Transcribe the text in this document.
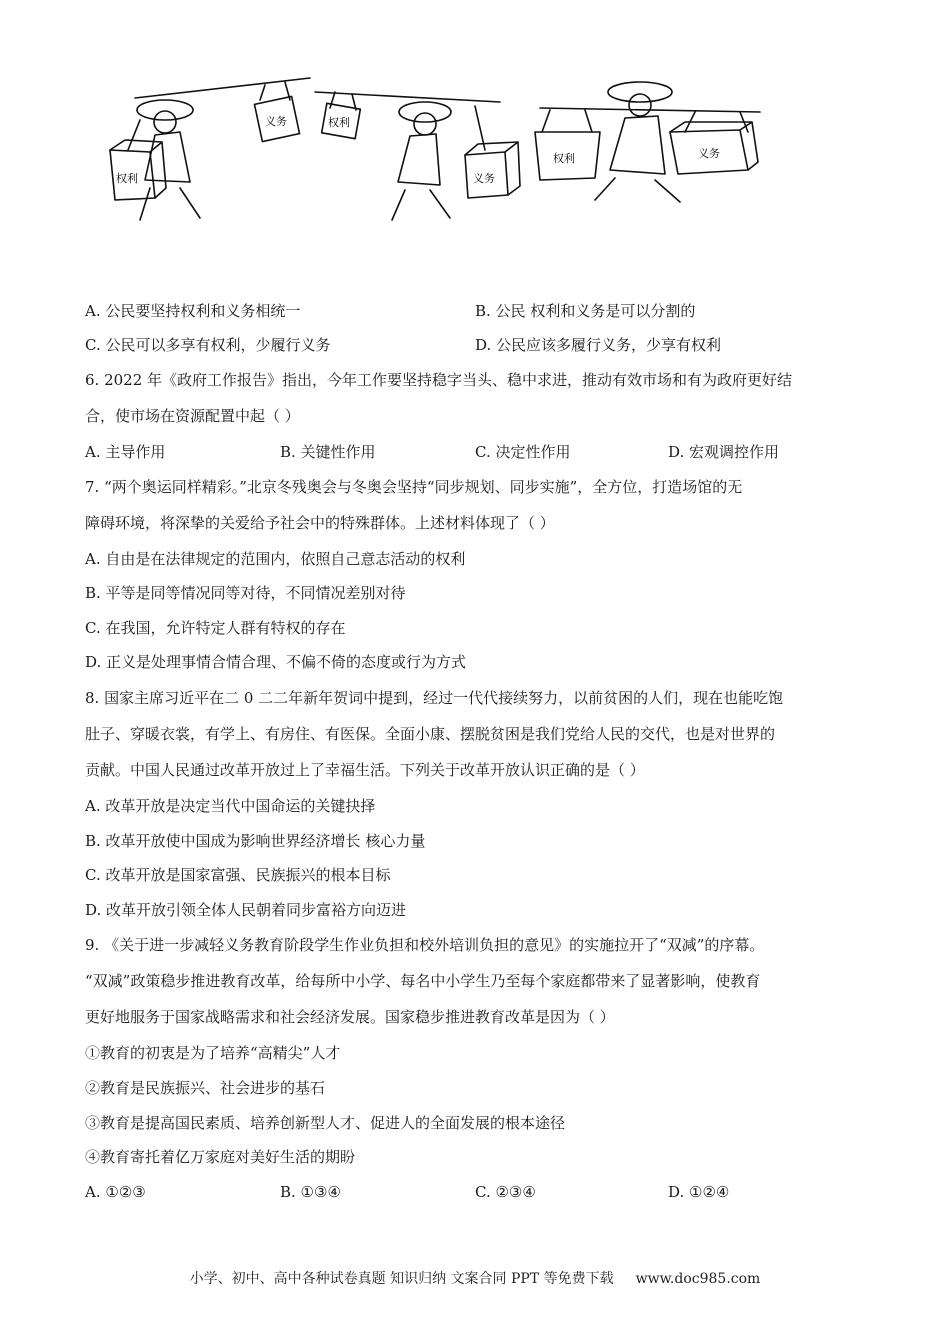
权利
义务	权利
义务
权利	义务
A. 公民要坚持权利和义务相统一	B. 公民 权利和义务是可以分割的
C. 公民可以多享有权利，少履行义务	D. 公民应该多履行义务，少享有权利
6. 2022 年《政府工作报告》指出，今年工作要坚持稳字当头、稳中求进，推动有效市场和有为政府更好结
合，使市场在资源配置中起（ ）
A. 主导作用	B. 关键性作用	C. 决定性作用	D. 宏观调控作用
7. “两个奥运同样精彩。”北京冬残奥会与冬奥会坚持“同步规划、同步实施”，全方位，打造场馆的无
障碍环境，将深挚的关爱给予社会中的特殊群体。上述材料体现了（ ）
A. 自由是在法律规定的范围内，依照自己意志活动的权利
B. 平等是同等情况同等对待，不同情况差别对待
C. 在我国，允许特定人群有特权的存在
D. 正义是处理事情合情合理、不偏不倚的态度或行为方式
8. 国家主席习近平在二 0 二二年新年贺词中提到，经过一代代接续努力，以前贫困的人们，现在也能吃饱
肚子、穿暖衣裳，有学上、有房住、有医保。全面小康、摆脱贫困是我们党给人民的交代，也是对世界的
贡献。中国人民通过改革开放过上了幸福生活。下列关于改革开放认识正确的是（ ）
A. 改革开放是决定当代中国命运的关键抉择
B. 改革开放使中国成为影响世界经济增长 核心力量
C. 改革开放是国家富强、民族振兴的根本目标
D. 改革开放引领全体人民朝着同步富裕方向迈进
9. 《关于进一步减轻义务教育阶段学生作业负担和校外培训负担的意见》的实施拉开了“双减”的序幕。
“双减”政策稳步推进教育改革，给每所中小学、每名中小学生乃至每个家庭都带来了显著影响，使教育
更好地服务于国家战略需求和社会经济发展。国家稳步推进教育改革是因为（ ）
①教育的初衷是为了培养“高精尖”人才
②教育是民族振兴、社会进步的基石
③教育是提高国民素质、培养创新型人才、促进人的全面发展的根本途径
④教育寄托着亿万家庭对美好生活的期盼
A. ①②③	B. ①③④	C. ②③④	D. ①②④
小学、初中、高中各种试卷真题 知识归纳 文案合同 PPT 等免费下载 www.doc985.com
